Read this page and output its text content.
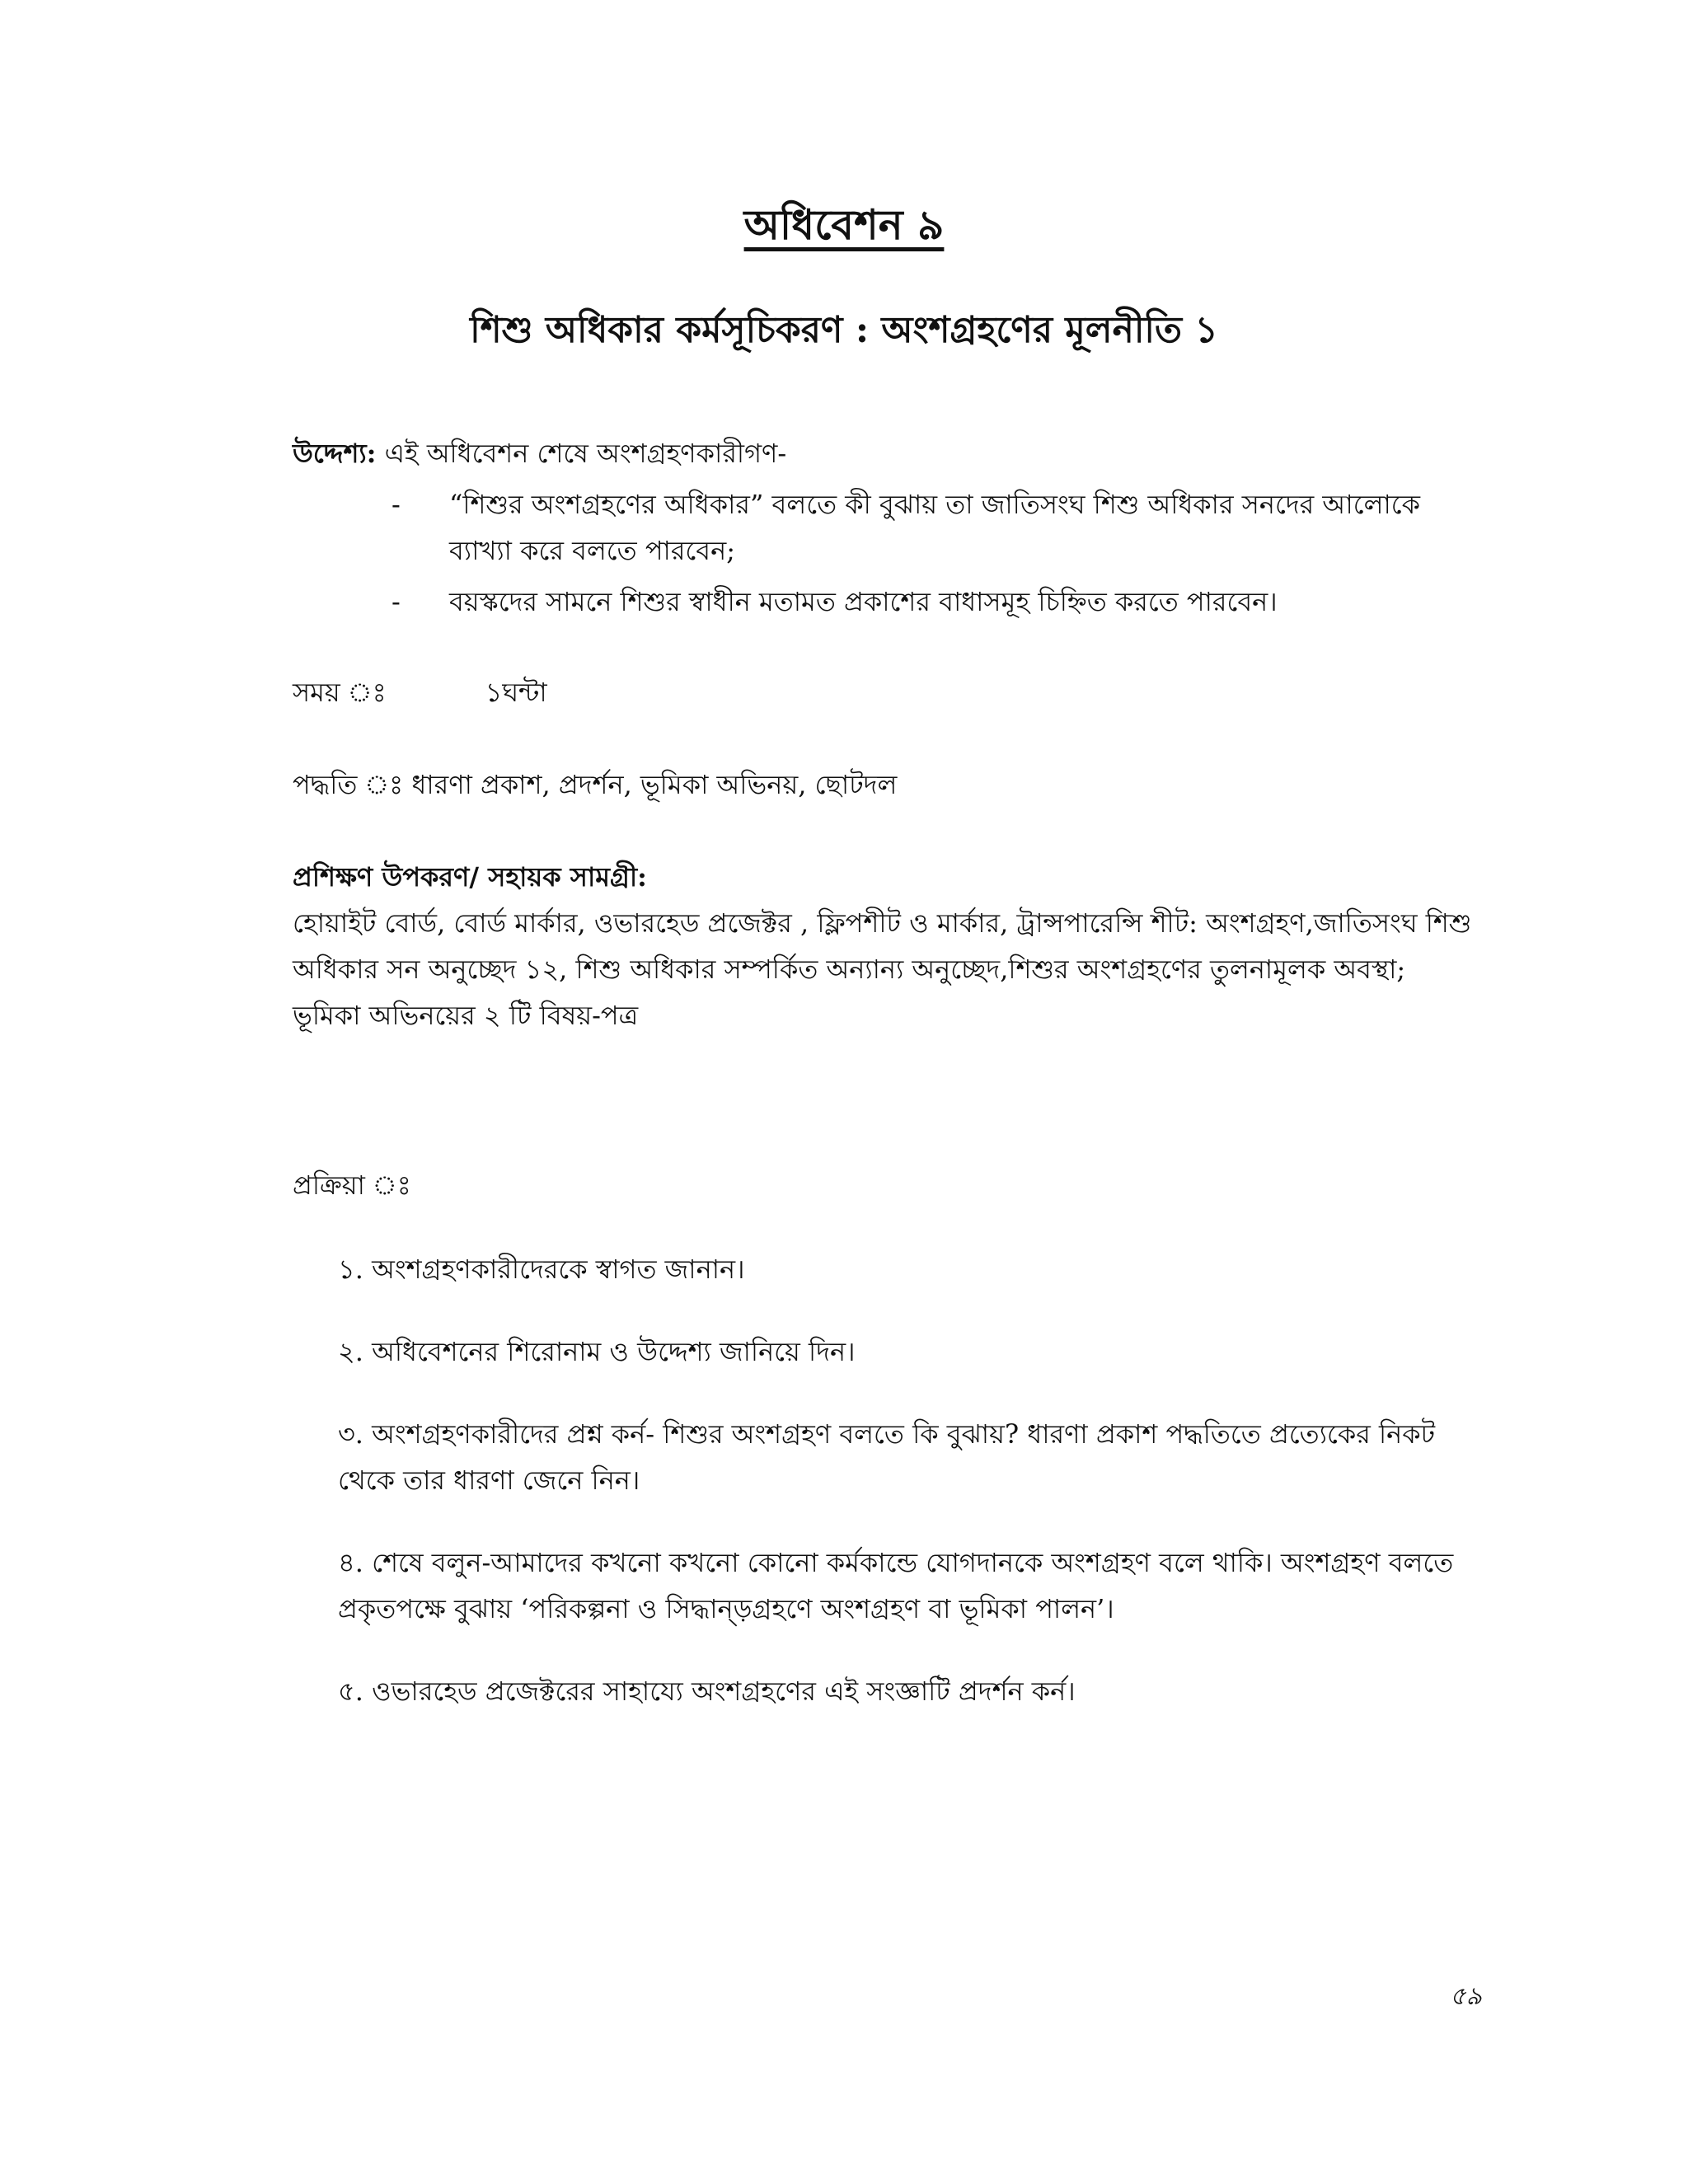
অধিবেশন ৯
শিশু অধিকার কর্মসূচিকরণ : অংশগ্রহণের মূলনীতি ১
উদ্দেশ্য: এই অধিবেশন শেষে অংশগ্রহণকারীগণ-
- “শিশুর অংশগ্রহণের অধিকার” বলতে কী বুঝায় তা জাতিসংঘ শিশু অধিকার সনদের আলোকে ব্যাখ্যা করে বলতে পারবেন;
- বয়স্কদের সামনে শিশুর স্বাধীন মতামত প্রকাশের বাধাসমূহ চিহ্নিত করতে পারবেন।
সময় ঃ	১ঘন্টা
পদ্ধতি ঃ ধারণা প্রকাশ, প্রদর্শন, ভূমিকা অভিনয়, ছোটদল
প্রশিক্ষণ উপকরণ/ সহায়ক সামগ্রী:
হোয়াইট বোর্ড, বোর্ড মার্কার, ওভারহেড প্রজেক্টর , ফ্লিপশীট ও মার্কার, ট্রান্সপারেন্সি শীট: অংশগ্রহণ,জাতিসংঘ শিশু অধিকার সন অনুচ্ছেদ ১২, শিশু অধিকার সম্পর্কিত অন্যান্য অনুচ্ছেদ,শিশুর অংশগ্রহণের তুলনামূলক অবস্থা; ভূমিকা অভিনয়ের ২ টি বিষয়-পত্র
প্রক্রিয়া ঃ
১. অংশগ্রহণকারীদেরকে স্বাগত জানান।
২. অধিবেশনের শিরোনাম ও উদ্দেশ্য জানিয়ে দিন।
৩. অংশগ্রহণকারীদের প্রশ্ন কর্ন- শিশুর অংশগ্রহণ বলতে কি বুঝায়? ধারণা প্রকাশ পদ্ধতিতে প্রত্যেকের নিকট থেকে তার ধারণা জেনে নিন।
৪. শেষে বলুন-আমাদের কখনো কখনো কোনো কর্মকান্ডে যোগদানকে অংশগ্রহণ বলে থাকি। অংশগ্রহণ বলতে প্রকৃতপক্ষে বুঝায় ‘পরিকল্পনা ও সিদ্ধান্ড়গ্রহণে অংশগ্রহণ বা ভূমিকা পালন’।
৫. ওভারহেড প্রজেক্টরের সাহায্যে অংশগ্রহণের এই সংজ্ঞাটি প্রদর্শন কর্ন।
৫৯
